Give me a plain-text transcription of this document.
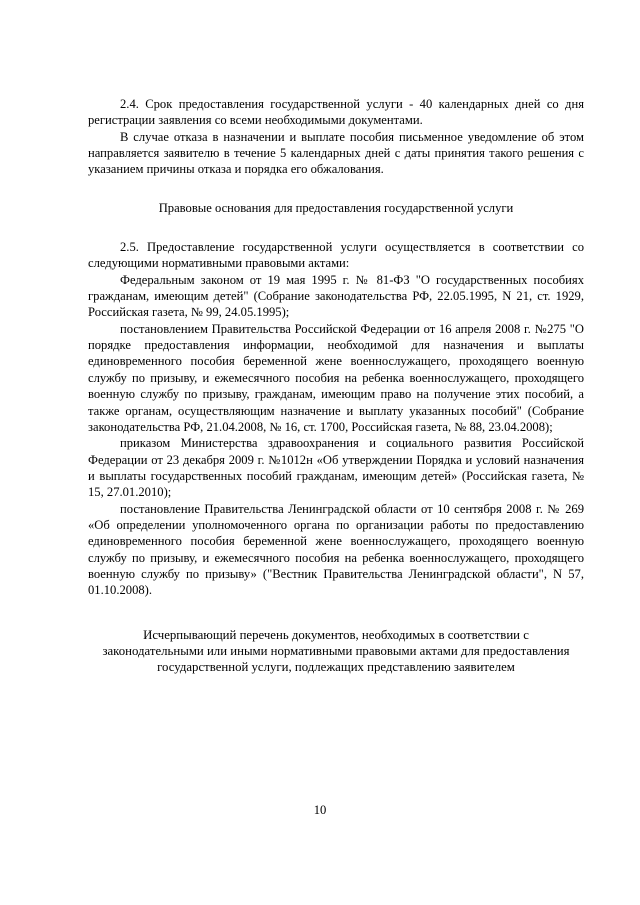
2.4. Срок предоставления государственной услуги - 40 календарных дней со дня регистрации заявления со всеми необходимыми документами.

В случае отказа в назначении и выплате пособия письменное уведомление об этом направляется заявителю в течение 5 календарных дней с даты принятия такого решения с указанием причины отказа и порядка его обжалования.

Правовые основания для предоставления государственной услуги

2.5. Предоставление государственной услуги осуществляется в соответствии со следующими нормативными правовыми актами:

Федеральным законом от 19 мая 1995 г. № 81-ФЗ "О государственных пособиях гражданам, имеющим детей" (Собрание законодательства РФ, 22.05.1995, N 21, ст. 1929, Российская газета, № 99, 24.05.1995);

постановлением Правительства Российской Федерации от 16 апреля 2008 г. №275 "О порядке предоставления информации, необходимой для назначения и выплаты единовременного пособия беременной жене военнослужащего, проходящего военную службу по призыву, и ежемесячного пособия на ребенка военнослужащего, проходящего военную службу по призыву, гражданам, имеющим право на получение этих пособий, а также органам, осуществляющим назначение и выплату указанных пособий" (Собрание законодательства РФ, 21.04.2008, № 16, ст. 1700, Российская газета, № 88, 23.04.2008);

приказом Министерства здравоохранения и социального развития Российской Федерации от 23 декабря 2009 г. №1012н «Об утверждении Порядка и условий назначения и выплаты государственных пособий гражданам, имеющим детей» (Российская газета, № 15, 27.01.2010);

постановление Правительства Ленинградской области от 10 сентября 2008 г. № 269 «Об определении уполномоченного органа по организации работы по предоставлению единовременного пособия беременной жене военнослужащего, проходящего военную службу по призыву, и ежемесячного пособия на ребенка военнослужащего, проходящего военную службу по призыву» ("Вестник Правительства Ленинградской области", N 57, 01.10.2008).

Исчерпывающий перечень документов, необходимых в соответствии с законодательными или иными нормативными правовыми актами для предоставления государственной услуги, подлежащих представлению заявителем

10
